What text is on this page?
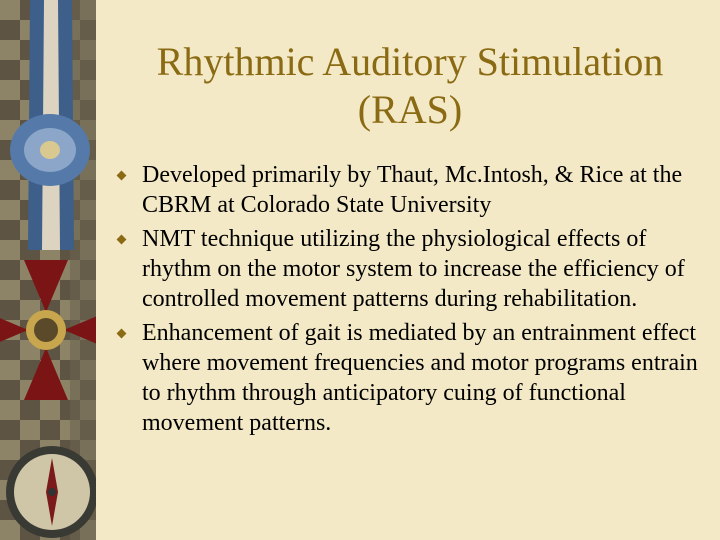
Rhythmic Auditory Stimulation
(RAS)
Developed primarily by Thaut, Mc.Intosh, & Rice at the CBRM at Colorado State University
NMT technique utilizing the physiological effects of rhythm on the motor system to increase the efficiency of controlled movement patterns during rehabilitation.
Enhancement of gait is mediated by an entrainment effect where movement frequencies and motor programs entrain to rhythm through anticipatory cuing of functional movement patterns.
